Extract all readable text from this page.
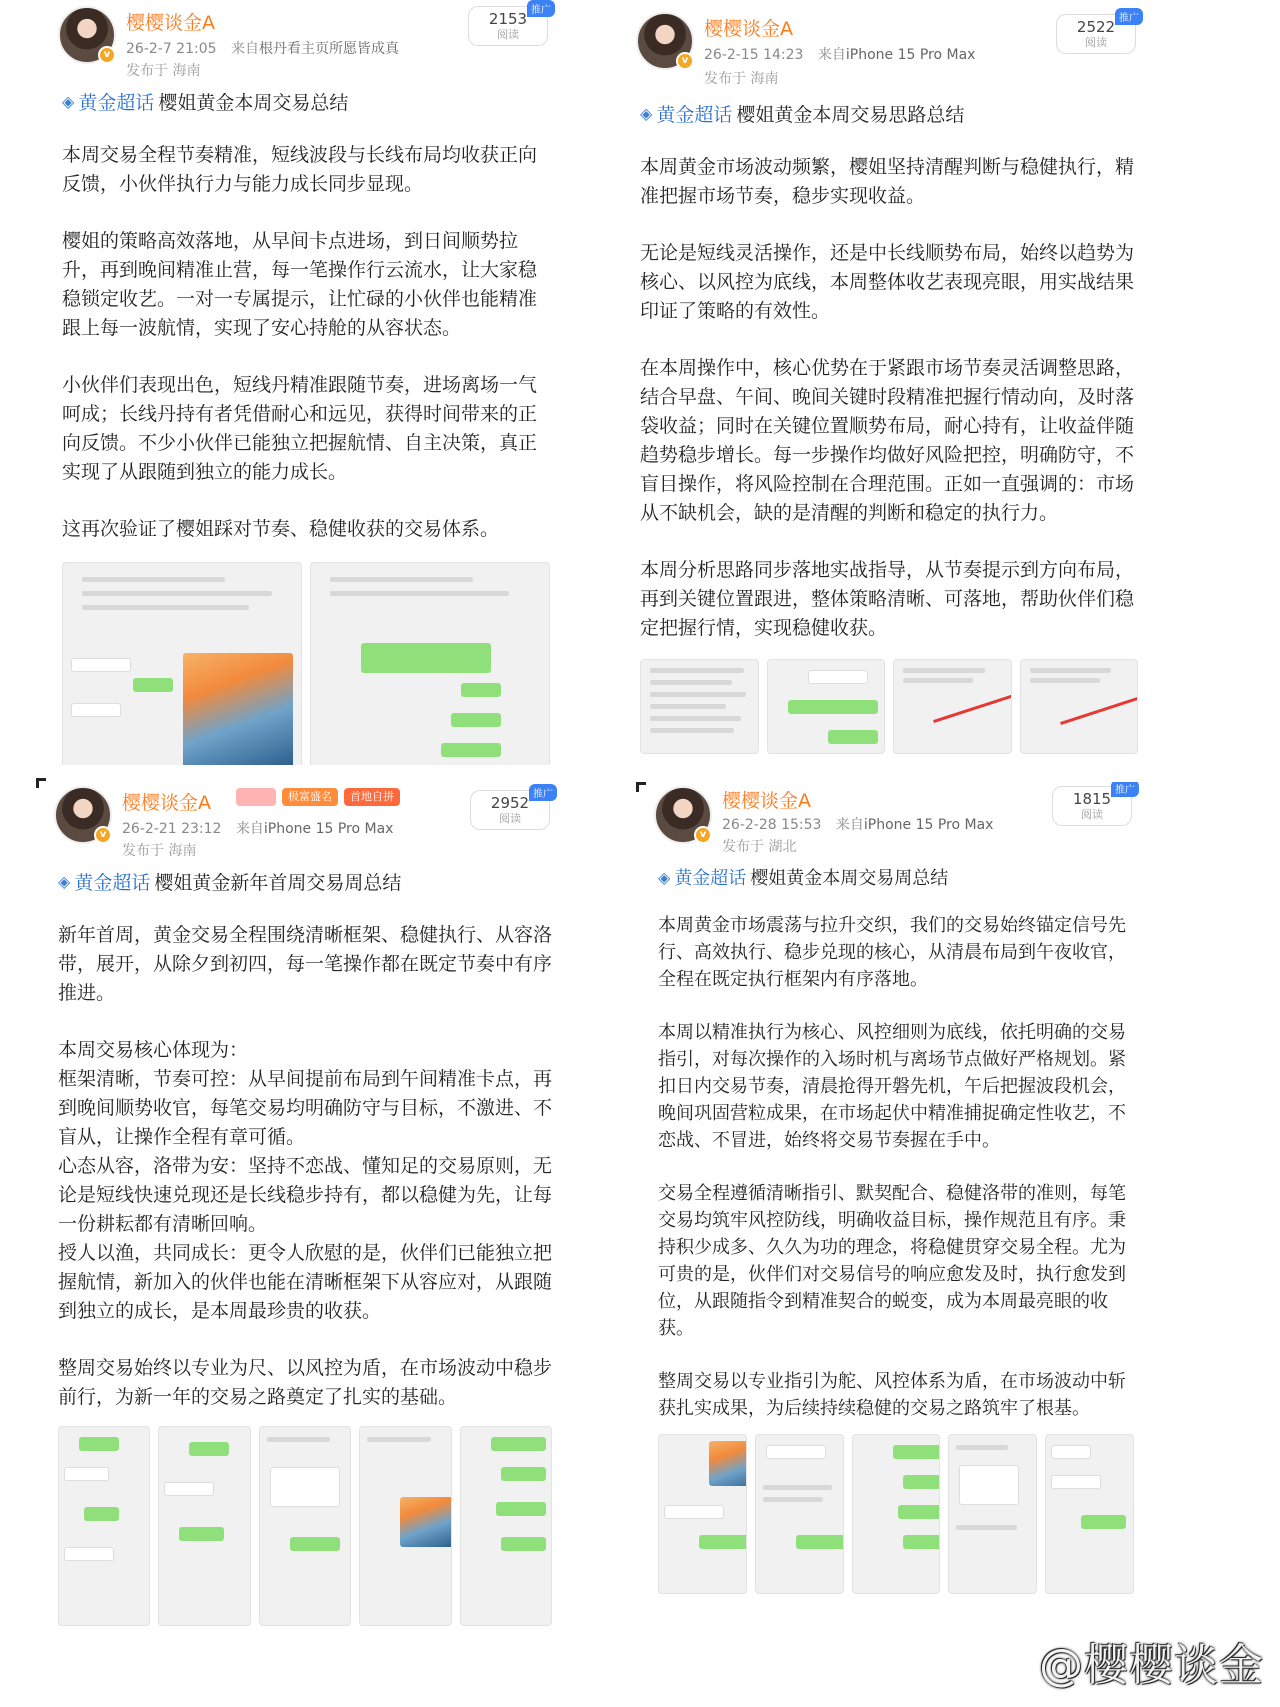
v
樱樱谈金A
26-2-7 21:05 来自根丹看主页所愿皆成真
发布于 海南
2153
阅读
推广
◈ 黄金超话 樱姐黄金本周交易总结
本周交易全程节奏精准，短线波段与长线布局均收获正向反馈，小伙伴执行力与能力成长同步显现。
樱姐的策略高效落地，从早间卡点进场，到日间顺势拉升，再到晚间精准止营，每一笔操作行云流水，让大家稳稳锁定收艺。一对一专属提示，让忙碌的小伙伴也能精准跟上每一波航情，实现了安心持舱的从容状态。
小伙伴们表现出色，短线丹精准跟随节奏，进场离场一气呵成；长线丹持有者凭借耐心和远见，获得时间带来的正向反馈。不少小伙伴已能独立把握航情、自主决策，真正实现了从跟随到独立的能力成长。
这再次验证了樱姐踩对节奏、稳健收获的交易体系。
v
樱樱谈金A
26-2-15 14:23 来自iPhone 15 Pro Max
发布于 海南
2522
阅读
推广
◈ 黄金超话 樱姐黄金本周交易思路总结
本周黄金市场波动频繁，樱姐坚持清醒判断与稳健执行，精准把握市场节奏，稳步实现收益。
无论是短线灵活操作，还是中长线顺势布局，始终以趋势为核心、以风控为底线，本周整体收艺表现亮眼，用实战结果印证了策略的有效性。
在本周操作中，核心优势在于紧跟市场节奏灵活调整思路，结合早盘、午间、晚间关键时段精准把握行情动向，及时落袋收益；同时在关键位置顺势布局，耐心持有，让收益伴随趋势稳步增长。每一步操作均做好风险把控，明确防守，不盲目操作，将风险控制在合理范围。正如一直强调的：市场从不缺机会，缺的是清醒的判断和稳定的执行力。
本周分析思路同步落地实战指导，从节奏提示到方向布局，再到关键位置跟进，整体策略清晰、可落地，帮助伙伴们稳定把握行情，实现稳健收获。
v
樱樱谈金A	极富盛名	首地自拼
26-2-21 23:12 来自iPhone 15 Pro Max
发布于 海南
2952
阅读
推广
◈ 黄金超话 樱姐黄金新年首周交易周总结
新年首周，黄金交易全程围绕清晰框架、稳健执行、从容洛带，展开，从除夕到初四，每一笔操作都在既定节奏中有序推进。
本周交易核心体现为：
框架清晰，节奏可控：从早间提前布局到午间精准卡点，再到晚间顺势收官，每笔交易均明确防守与目标，不激进、不盲从，让操作全程有章可循。
心态从容，洛带为安：坚持不恋战、懂知足的交易原则，无论是短线快速兑现还是长线稳步持有，都以稳健为先，让每一份耕耘都有清晰回响。
授人以渔，共同成长：更令人欣慰的是，伙伴们已能独立把握航情，新加入的伙伴也能在清晰框架下从容应对，从跟随到独立的成长，是本周最珍贵的收获。
整周交易始终以专业为尺、以风控为盾，在市场波动中稳步前行，为新一年的交易之路奠定了扎实的基础。
v
樱樱谈金A
26-2-28 15:53 来自iPhone 15 Pro Max
发布于 湖北
1815
阅读
推广
◈ 黄金超话 樱姐黄金本周交易周总结
本周黄金市场震荡与拉升交织，我们的交易始终锚定信号先行、高效执行、稳步兑现的核心，从清晨布局到午夜收官，全程在既定执行框架内有序落地。
本周以精准执行为核心、风控细则为底线，依托明确的交易指引，对每次操作的入场时机与离场节点做好严格规划。紧扣日内交易节奏，清晨抢得开磐先机，午后把握波段机会，晚间巩固营粒成果，在市场起伏中精准捕捉确定性收艺，不恋战、不冒进，始终将交易节奏握在手中。
交易全程遵循清晰指引、默契配合、稳健洛带的准则，每笔交易均筑牢风控防线，明确收益目标，操作规范且有序。秉持积少成多、久久为功的理念，将稳健贯穿交易全程。尤为可贵的是，伙伴们对交易信号的响应愈发及时，执行愈发到位，从跟随指令到精准契合的蜕变，成为本周最亮眼的收获。
整周交易以专业指引为舵、风控体系为盾，在市场波动中斩获扎实成果，为后续持续稳健的交易之路筑牢了根基。
@樱樱谈金
